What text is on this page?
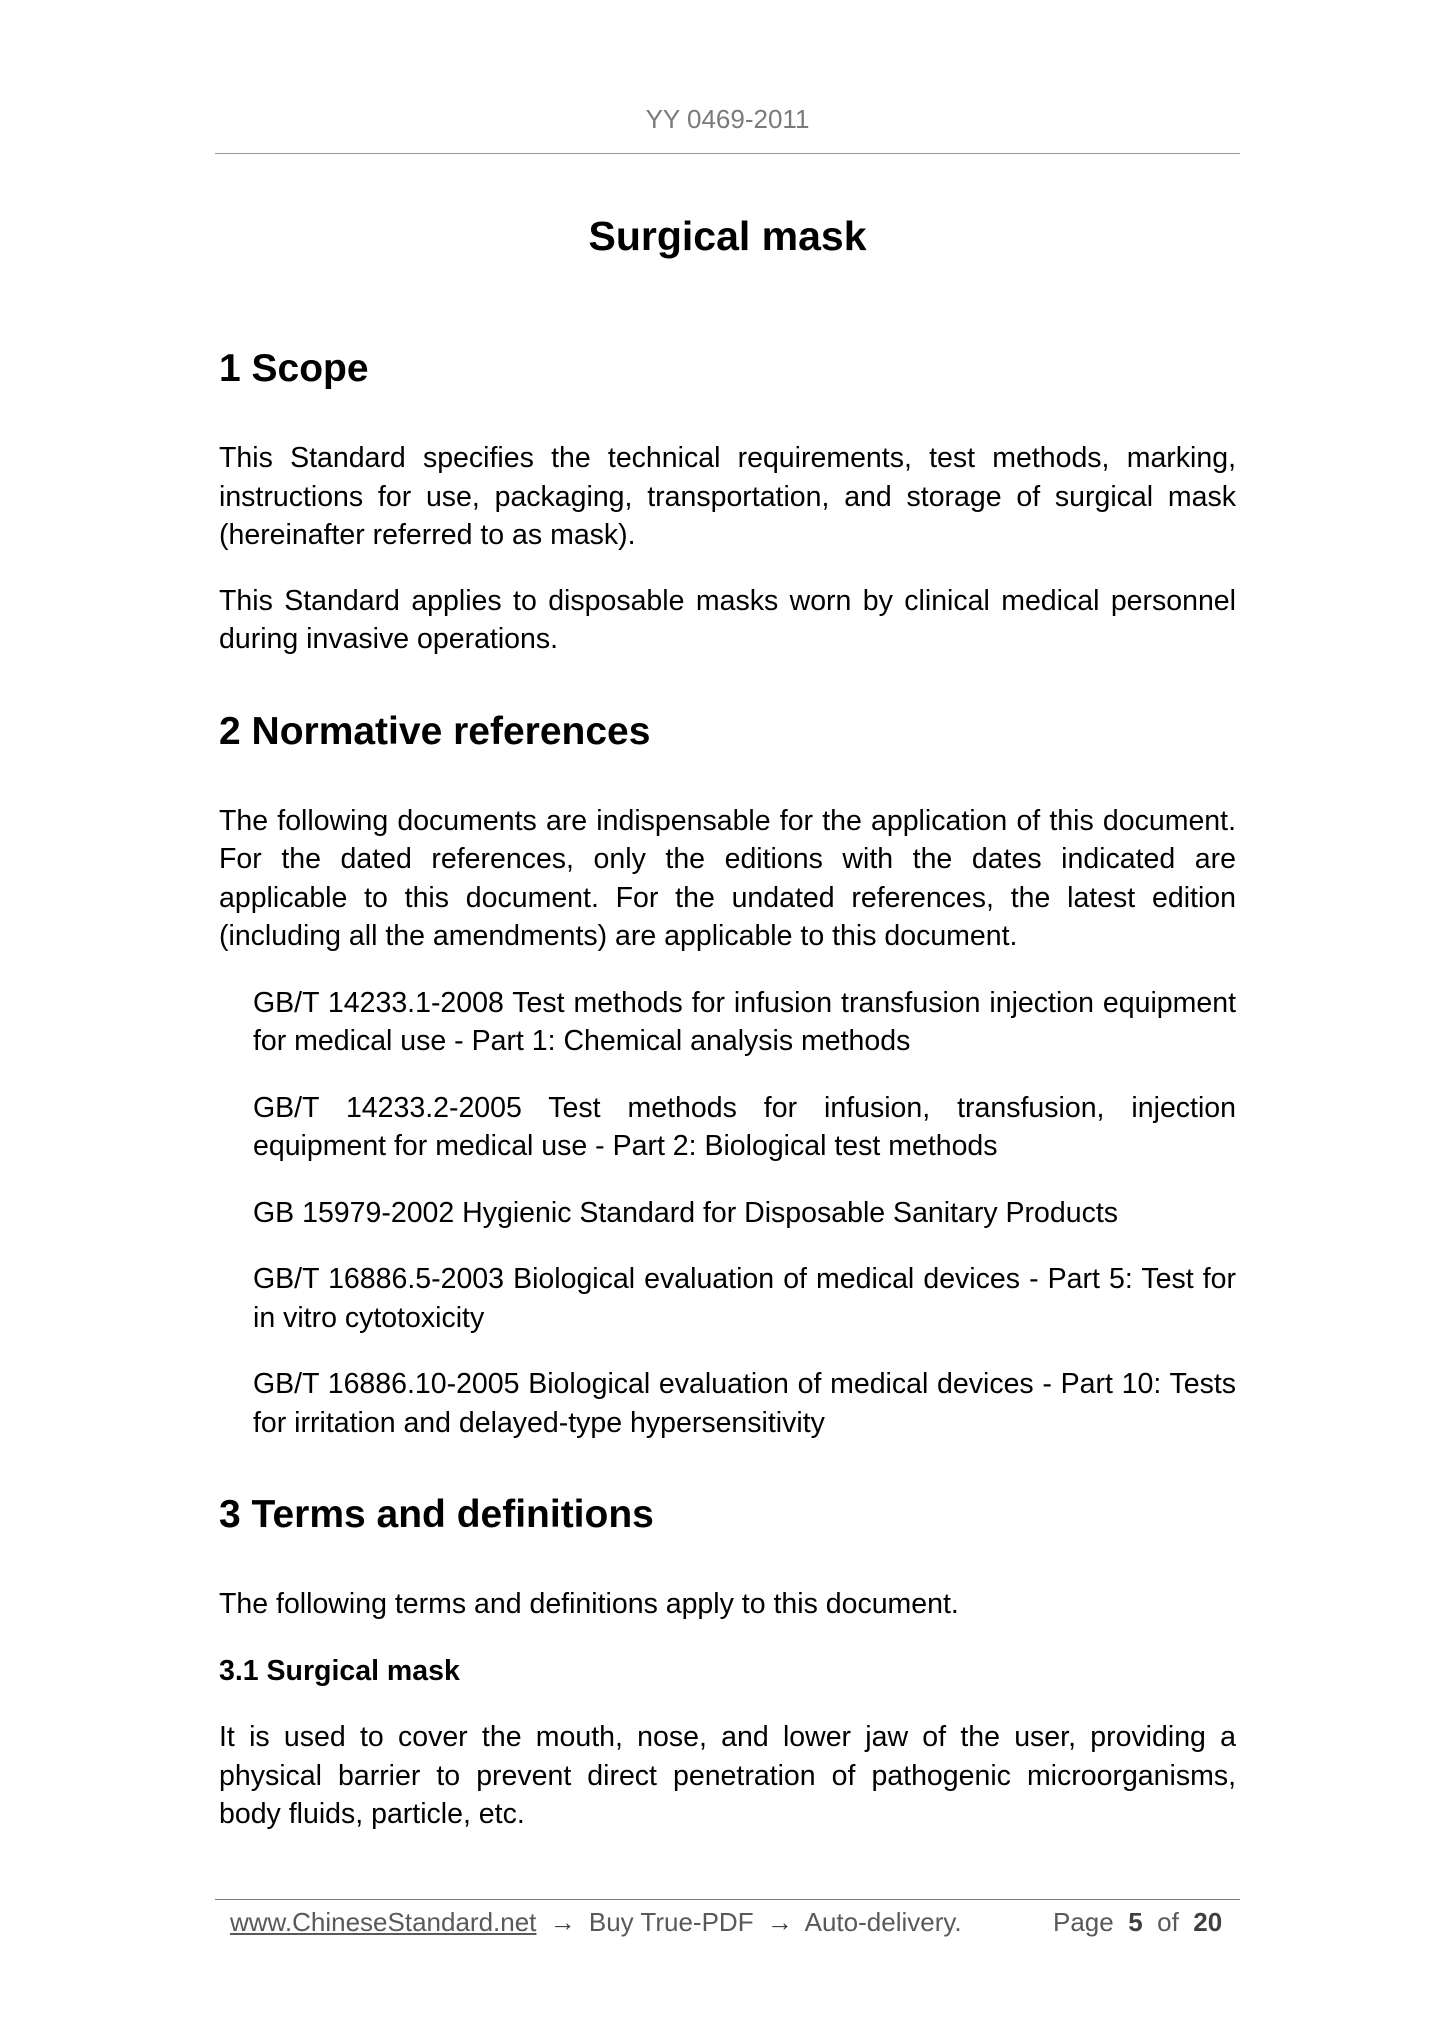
YY 0469-2011
Surgical mask
1 Scope

This Standard specifies the technical requirements, test methods, marking, instructions for use, packaging, transportation, and storage of surgical mask (hereinafter referred to as mask).

This Standard applies to disposable masks worn by clinical medical personnel during invasive operations.

2 Normative references

The following documents are indispensable for the application of this document. For the dated references, only the editions with the dates indicated are applicable to this document. For the undated references, the latest edition (including all the amendments) are applicable to this document.

GB/T 14233.1-2008 Test methods for infusion transfusion injection equipment for medical use - Part 1: Chemical analysis methods

GB/T 14233.2-2005 Test methods for infusion, transfusion, injection equipment for medical use - Part 2: Biological test methods

GB 15979-2002 Hygienic Standard for Disposable Sanitary Products

GB/T 16886.5-2003 Biological evaluation of medical devices - Part 5: Test for in vitro cytotoxicity

GB/T 16886.10-2005 Biological evaluation of medical devices - Part 10: Tests for irritation and delayed-type hypersensitivity

3 Terms and definitions

The following terms and definitions apply to this document.

3.1 Surgical mask

It is used to cover the mouth, nose, and lower jaw of the user, providing a physical barrier to prevent direct penetration of pathogenic microorganisms, body fluids, particle, etc.

www.ChineseStandard.net → Buy True-PDF → Auto-delivery.	Page 5 of 20
